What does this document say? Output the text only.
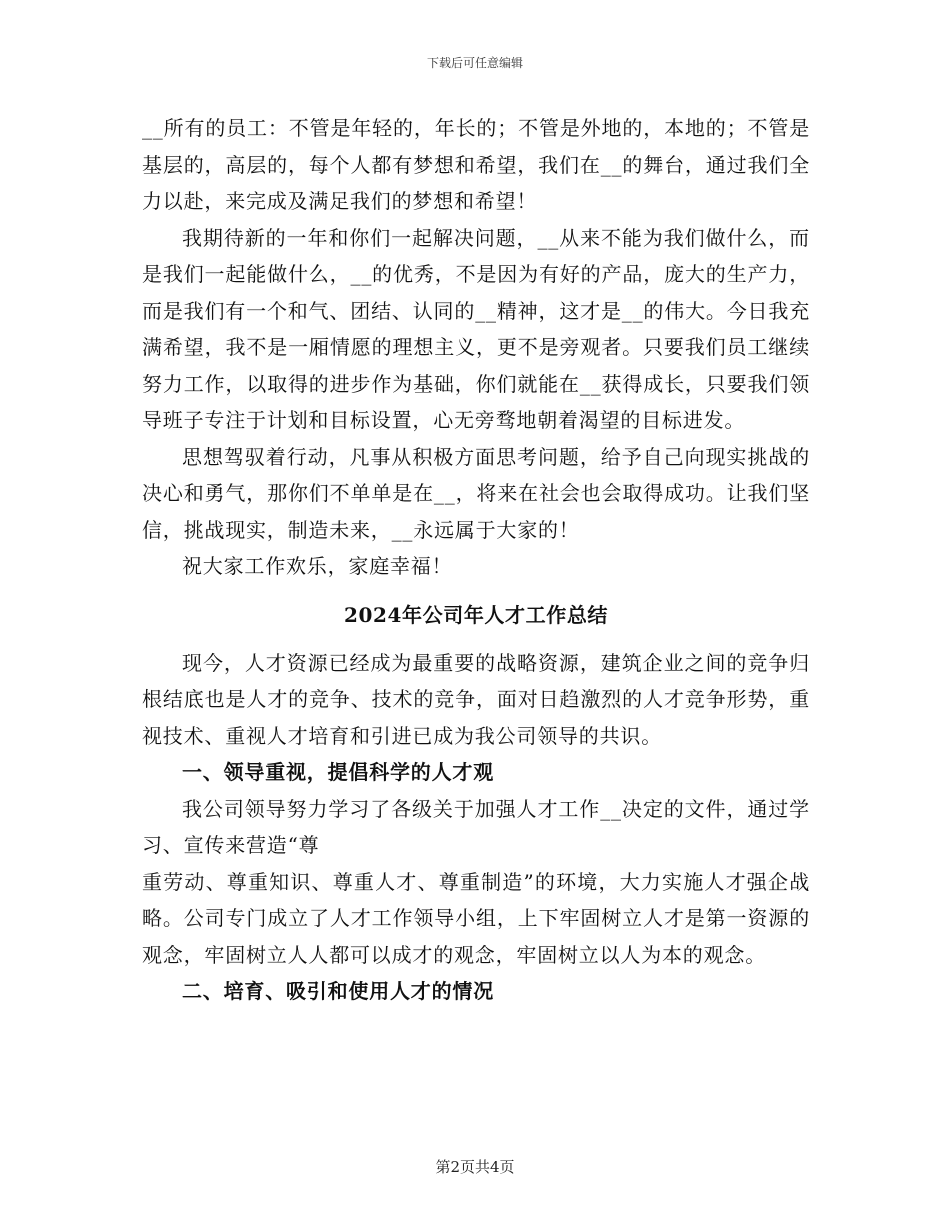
下载后可任意编辑

__所有的员工：不管是年轻的，年长的；不管是外地的，本地的；不管是基层的，高层的，每个人都有梦想和希望，我们在__的舞台，通过我们全力以赴，来完成及满足我们的梦想和希望！

我期待新的一年和你们一起解决问题，__从来不能为我们做什么，而是我们一起能做什么，__的优秀，不是因为有好的产品，庞大的生产力，而是我们有一个和气、团结、认同的__精神，这才是__的伟大。今日我充满希望，我不是一厢情愿的理想主义，更不是旁观者。只要我们员工继续努力工作，以取得的进步作为基础，你们就能在__获得成长，只要我们领导班子专注于计划和目标设置，心无旁骛地朝着渴望的目标进发。

思想驾驭着行动，凡事从积极方面思考问题，给予自己向现实挑战的决心和勇气，那你们不单单是在__，将来在社会也会取得成功。让我们坚信，挑战现实，制造未来，__永远属于大家的！

祝大家工作欢乐，家庭幸福！

2024年公司年人才工作总结

现今，人才资源已经成为最重要的战略资源，建筑企业之间的竞争归根结底也是人才的竞争、技术的竞争，面对日趋激烈的人才竞争形势，重视技术、重视人才培育和引进已成为我公司领导的共识。

一、领导重视，提倡科学的人才观

我公司领导努力学习了各级关于加强人才工作__决定的文件，通过学习、宣传来营造“尊

重劳动、尊重知识、尊重人才、尊重制造”的环境，大力实施人才强企战略。公司专门成立了人才工作领导小组，上下牢固树立人才是第一资源的观念，牢固树立人人都可以成才的观念，牢固树立以人为本的观念。

二、培育、吸引和使用人才的情况

第2页共4页
